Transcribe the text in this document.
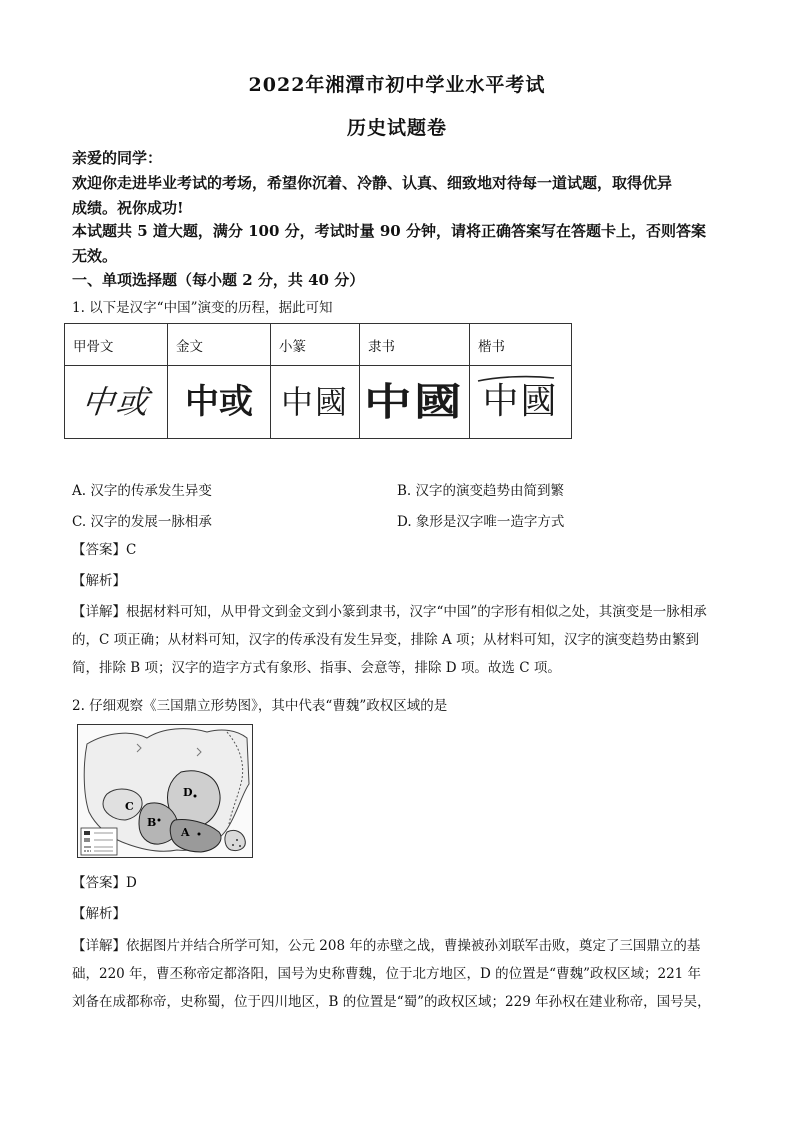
2022年湘潭市初中学业水平考试
历史试题卷
亲爱的同学：
欢迎你走进毕业考试的考场，希望你沉着、冷静、认真、细致地对待每一道试题，取得优异
成绩。祝你成功!
本试题共 5 道大题，满分 100 分，考试时量 90 分钟，请将正确答案写在答题卡上，否则答案
无效。
一、单项选择题（每小题 2 分，共 40 分）
1. 以下是汉字“中国”演变的历程，据此可知
甲骨文	金文	小篆	隶书	楷书
中或	中或	中國	中國	中國
A. 汉字的传承发生异变	B. 汉字的演变趋势由简到繁
C. 汉字的发展一脉相承	D. 象形是汉字唯一造字方式
【答案】C
【解析】
【详解】根据材料可知，从甲骨文到金文到小篆到隶书，汉字“中国”的字形有相似之处，其演变是一脉相承
的，C 项正确；从材料可知，汉字的传承没有发生异变，排除 A 项；从材料可知，汉字的演变趋势由繁到
简，排除 B 项；汉字的造字方式有象形、指事、会意等，排除 D 项。故选 C 项。
2. 仔细观察《三国鼎立形势图》，其中代表“曹魏”政权区域的是
D
B
A
C
【答案】D
【解析】
【详解】依据图片并结合所学可知，公元 208 年的赤壁之战，曹操被孙刘联军击败，奠定了三国鼎立的基
础，220 年，曹丕称帝定都洛阳，国号为史称曹魏，位于北方地区，D 的位置是“曹魏”政权区域；221 年
刘备在成都称帝，史称蜀，位于四川地区，B 的位置是“蜀”的政权区域；229 年孙权在建业称帝，国号吴，
